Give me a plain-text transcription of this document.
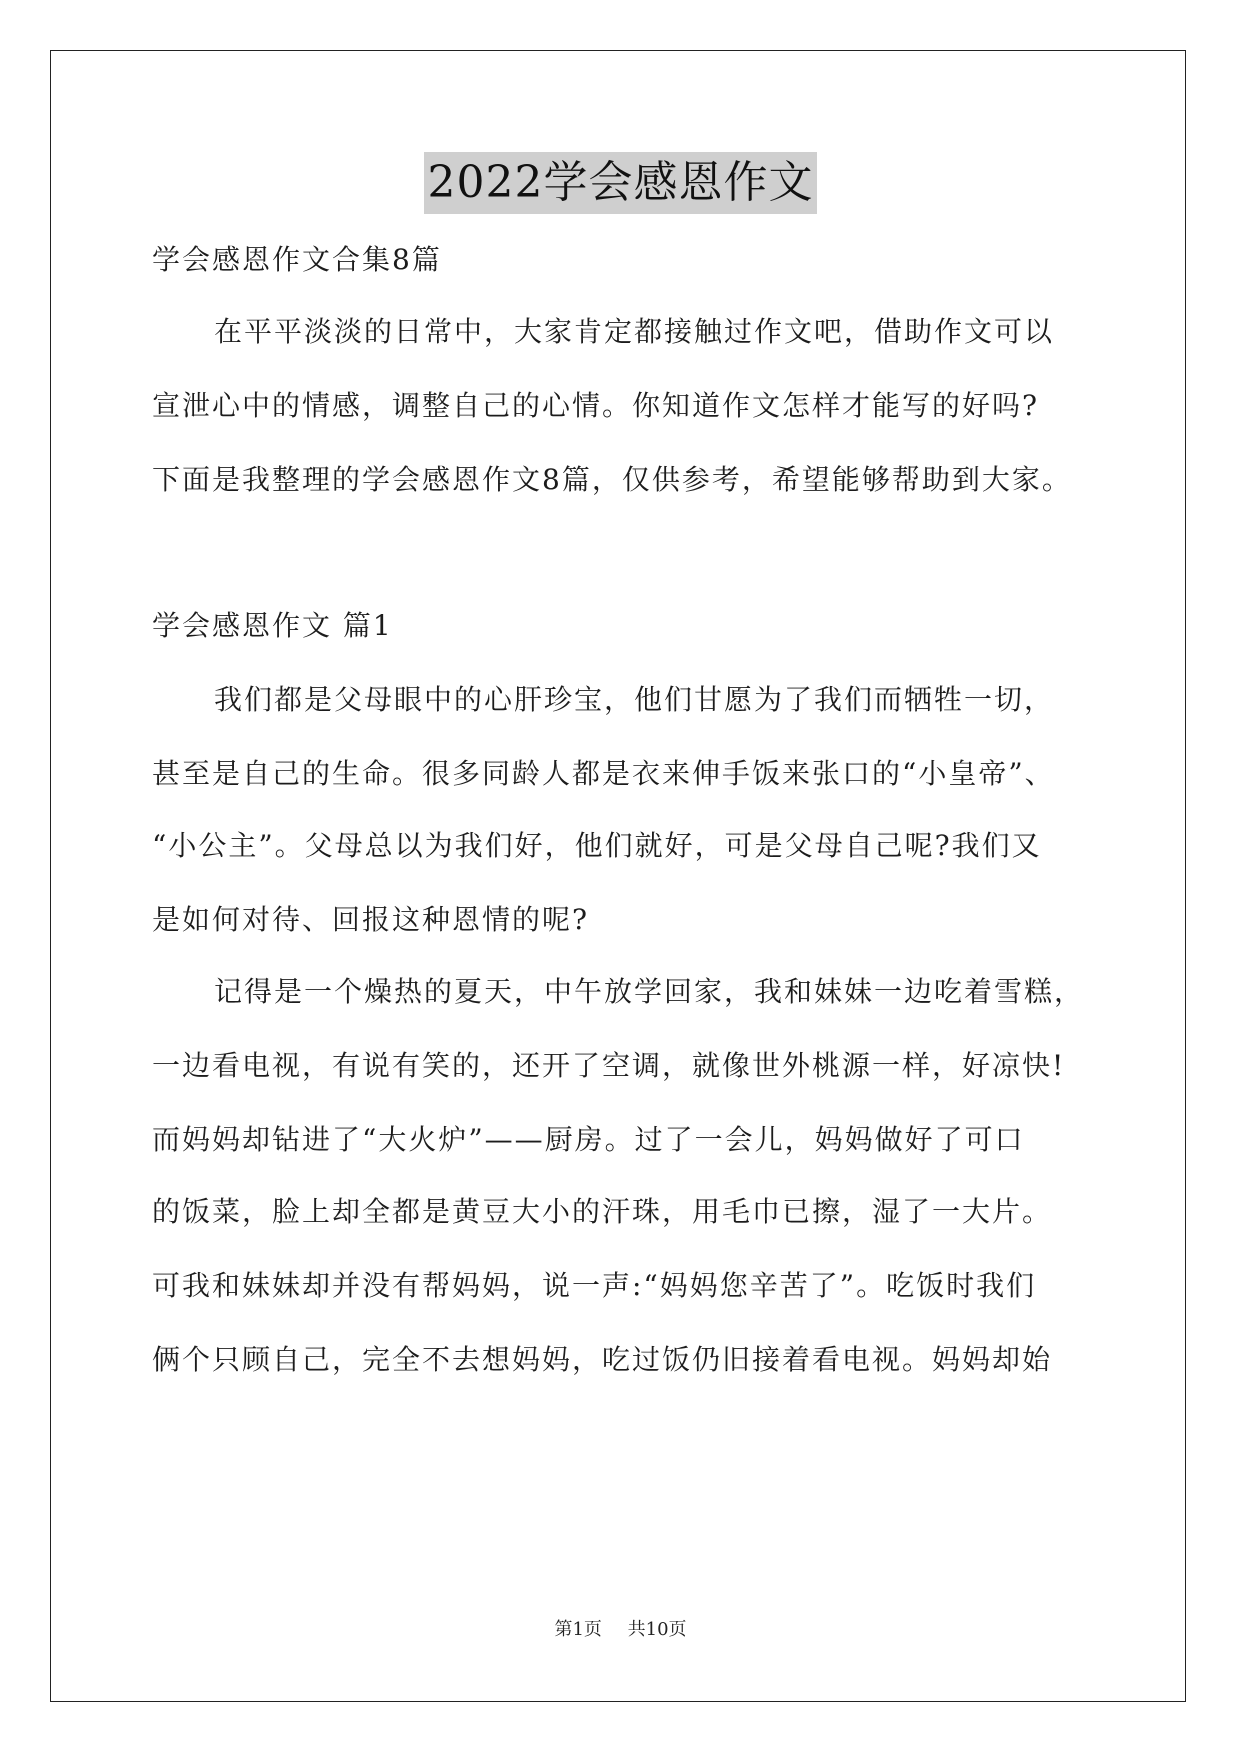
2022学会感恩作文
学会感恩作文合集8篇
在平平淡淡的日常中，大家肯定都接触过作文吧，借助作文可以
宣泄心中的情感，调整自己的心情。你知道作文怎样才能写的好吗?
下面是我整理的学会感恩作文8篇，仅供参考，希望能够帮助到大家。
学会感恩作文 篇1
我们都是父母眼中的心肝珍宝，他们甘愿为了我们而牺牲一切，
甚至是自己的生命。很多同龄人都是衣来伸手饭来张口的“小皇帝”、
“小公主”。父母总以为我们好，他们就好，可是父母自己呢?我们又
是如何对待、回报这种恩情的呢?
记得是一个燥热的夏天，中午放学回家，我和妹妹一边吃着雪糕，
一边看电视，有说有笑的，还开了空调，就像世外桃源一样，好凉快!
而妈妈却钻进了“大火炉”——厨房。过了一会儿，妈妈做好了可口
的饭菜，脸上却全都是黄豆大小的汗珠，用毛巾已擦，湿了一大片。
可我和妹妹却并没有帮妈妈，说一声:“妈妈您辛苦了”。吃饭时我们
俩个只顾自己，完全不去想妈妈，吃过饭仍旧接着看电视。妈妈却始
第1页 共10页
